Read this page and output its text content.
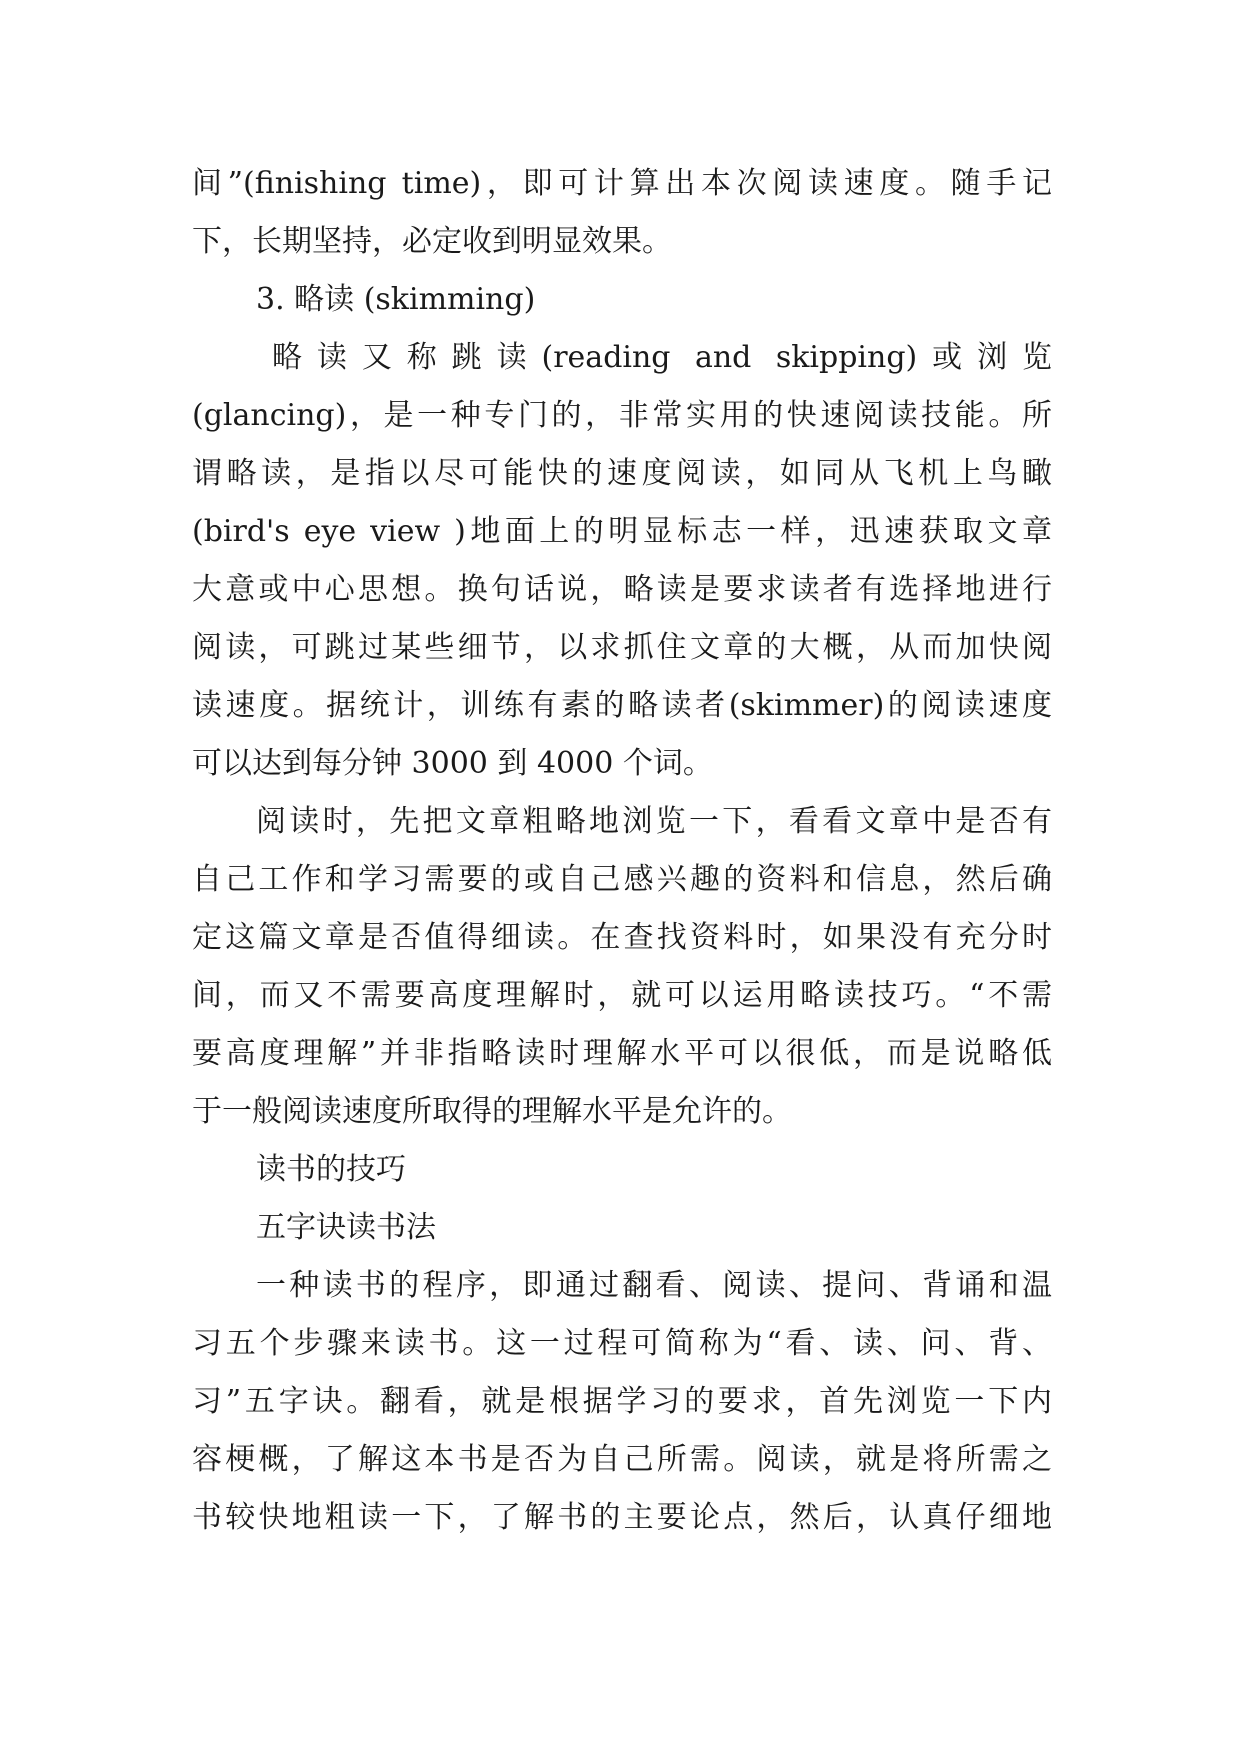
间”(finishing time)，即可计算出本次阅读速度。随手记
下，长期坚持，必定收到明显效果。
3. 略读 (skimming)
略读又称跳读(reading and skipping)或浏览
(glancing)，是一种专门的，非常实用的快速阅读技能。所
谓略读，是指以尽可能快的速度阅读，如同从飞机上鸟瞰
(bird's eye view )地面上的明显标志一样，迅速获取文章
大意或中心思想。换句话说，略读是要求读者有选择地进行
阅读，可跳过某些细节，以求抓住文章的大概，从而加快阅
读速度。据统计，训练有素的略读者(skimmer)的阅读速度
可以达到每分钟 3000 到 4000 个词。
阅读时，先把文章粗略地浏览一下，看看文章中是否有
自己工作和学习需要的或自己感兴趣的资料和信息，然后确
定这篇文章是否值得细读。在查找资料时，如果没有充分时
间，而又不需要高度理解时，就可以运用略读技巧。“不需
要高度理解”并非指略读时理解水平可以很低，而是说略低
于一般阅读速度所取得的理解水平是允许的。
读书的技巧
五字诀读书法
一种读书的程序，即通过翻看、阅读、提问、背诵和温
习五个步骤来读书。这一过程可简称为“看、读、问、背、
习”五字诀。翻看，就是根据学习的要求，首先浏览一下内
容梗概，了解这本书是否为自己所需。阅读，就是将所需之
书较快地粗读一下，了解书的主要论点，然后，认真仔细地
